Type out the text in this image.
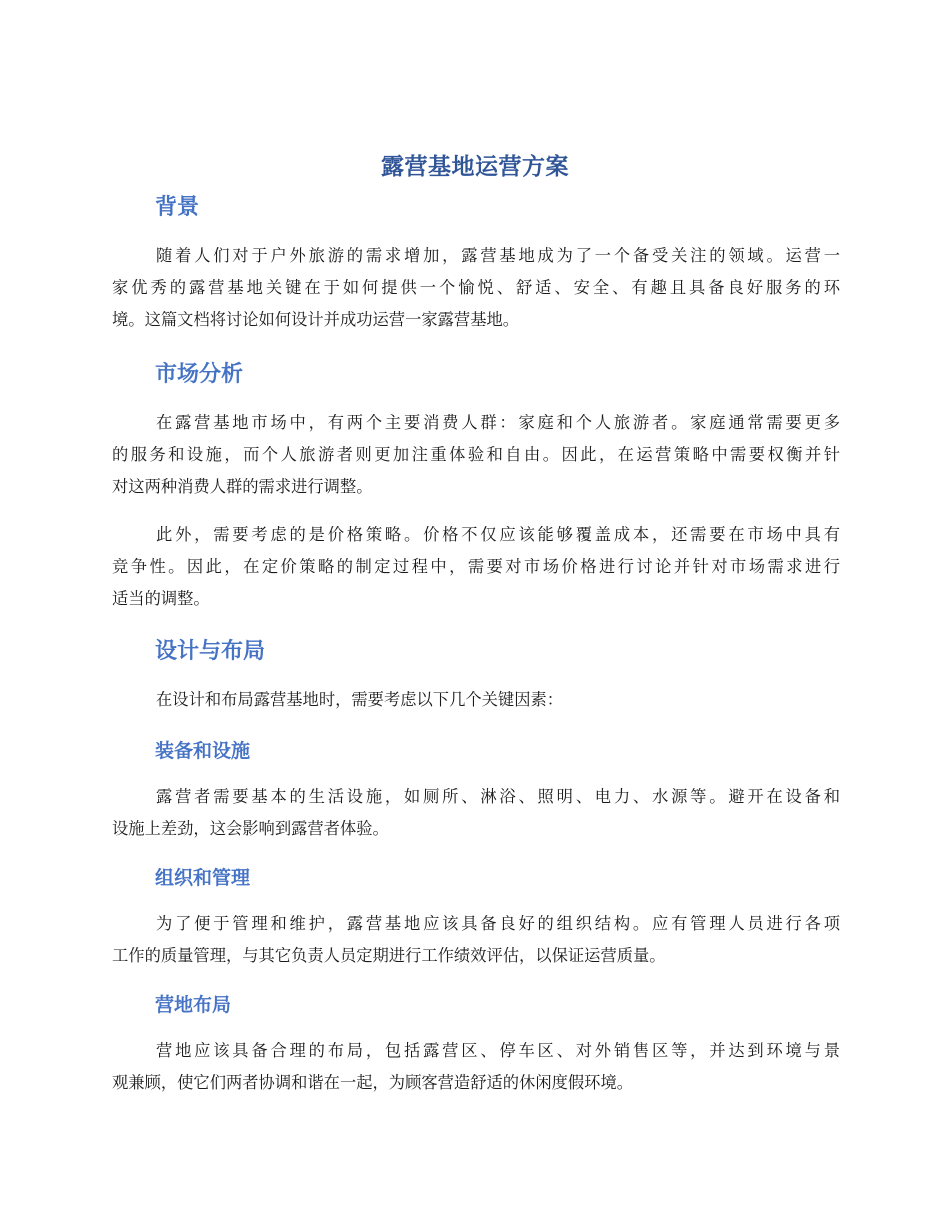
露营基地运营方案
背景

随着人们对于户外旅游的需求增加，露营基地成为了一个备受关注的领域。运营一
家优秀的露营基地关键在于如何提供一个愉悦、舒适、安全、有趣且具备良好服务的环
境。这篇文档将讨论如何设计并成功运营一家露营基地。

市场分析

在露营基地市场中，有两个主要消费人群：家庭和个人旅游者。家庭通常需要更多
的服务和设施，而个人旅游者则更加注重体验和自由。因此，在运营策略中需要权衡并针
对这两种消费人群的需求进行调整。

此外，需要考虑的是价格策略。价格不仅应该能够覆盖成本，还需要在市场中具有
竞争性。因此，在定价策略的制定过程中，需要对市场价格进行讨论并针对市场需求进行
适当的调整。

设计与布局

在设计和布局露营基地时，需要考虑以下几个关键因素：

装备和设施

露营者需要基本的生活设施，如厕所、淋浴、照明、电力、水源等。避开在设备和
设施上差劲，这会影响到露营者体验。

组织和管理

为了便于管理和维护，露营基地应该具备良好的组织结构。应有管理人员进行各项
工作的质量管理，与其它负责人员定期进行工作绩效评估，以保证运营质量。

营地布局

营地应该具备合理的布局，包括露营区、停车区、对外销售区等，并达到环境与景
观兼顾，使它们两者协调和谐在一起，为顾客营造舒适的休闲度假环境。
